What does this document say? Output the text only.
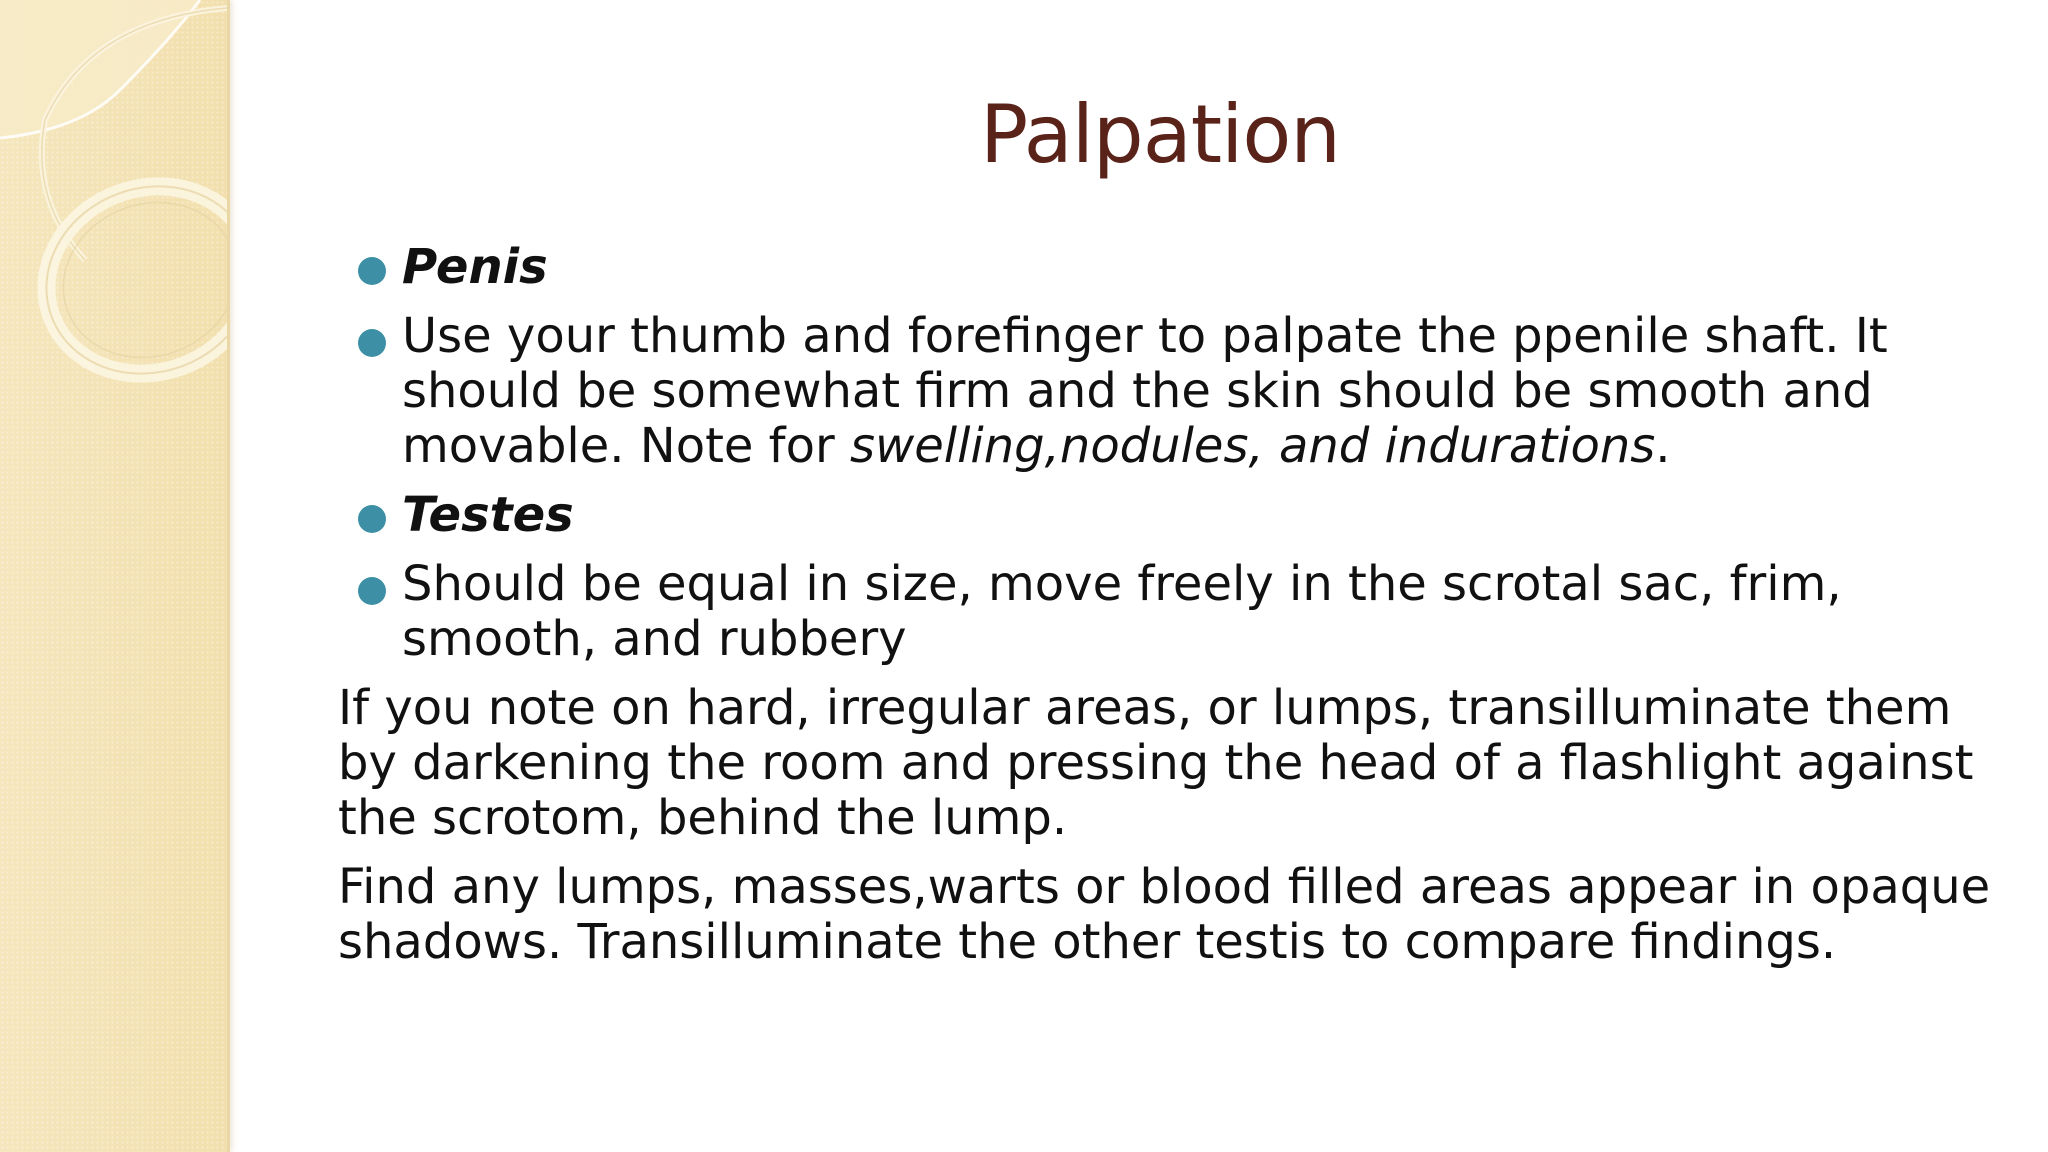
Palpation
Penis
Use your thumb and forefinger to palpate the ppenile shaft. It should be somewhat firm and the skin should be smooth and movable. Note for swelling,nodules, and indurations.
Testes
Should be equal in size, move freely in the scrotal sac, frim, smooth, and rubbery
If you note on hard, irregular areas, or lumps, transilluminate them by darkening the room and pressing the head of a flashlight against the scrotom, behind the lump.
Find any lumps, masses,warts or blood filled areas appear in opaque shadows. Transilluminate the other testis to compare findings.
